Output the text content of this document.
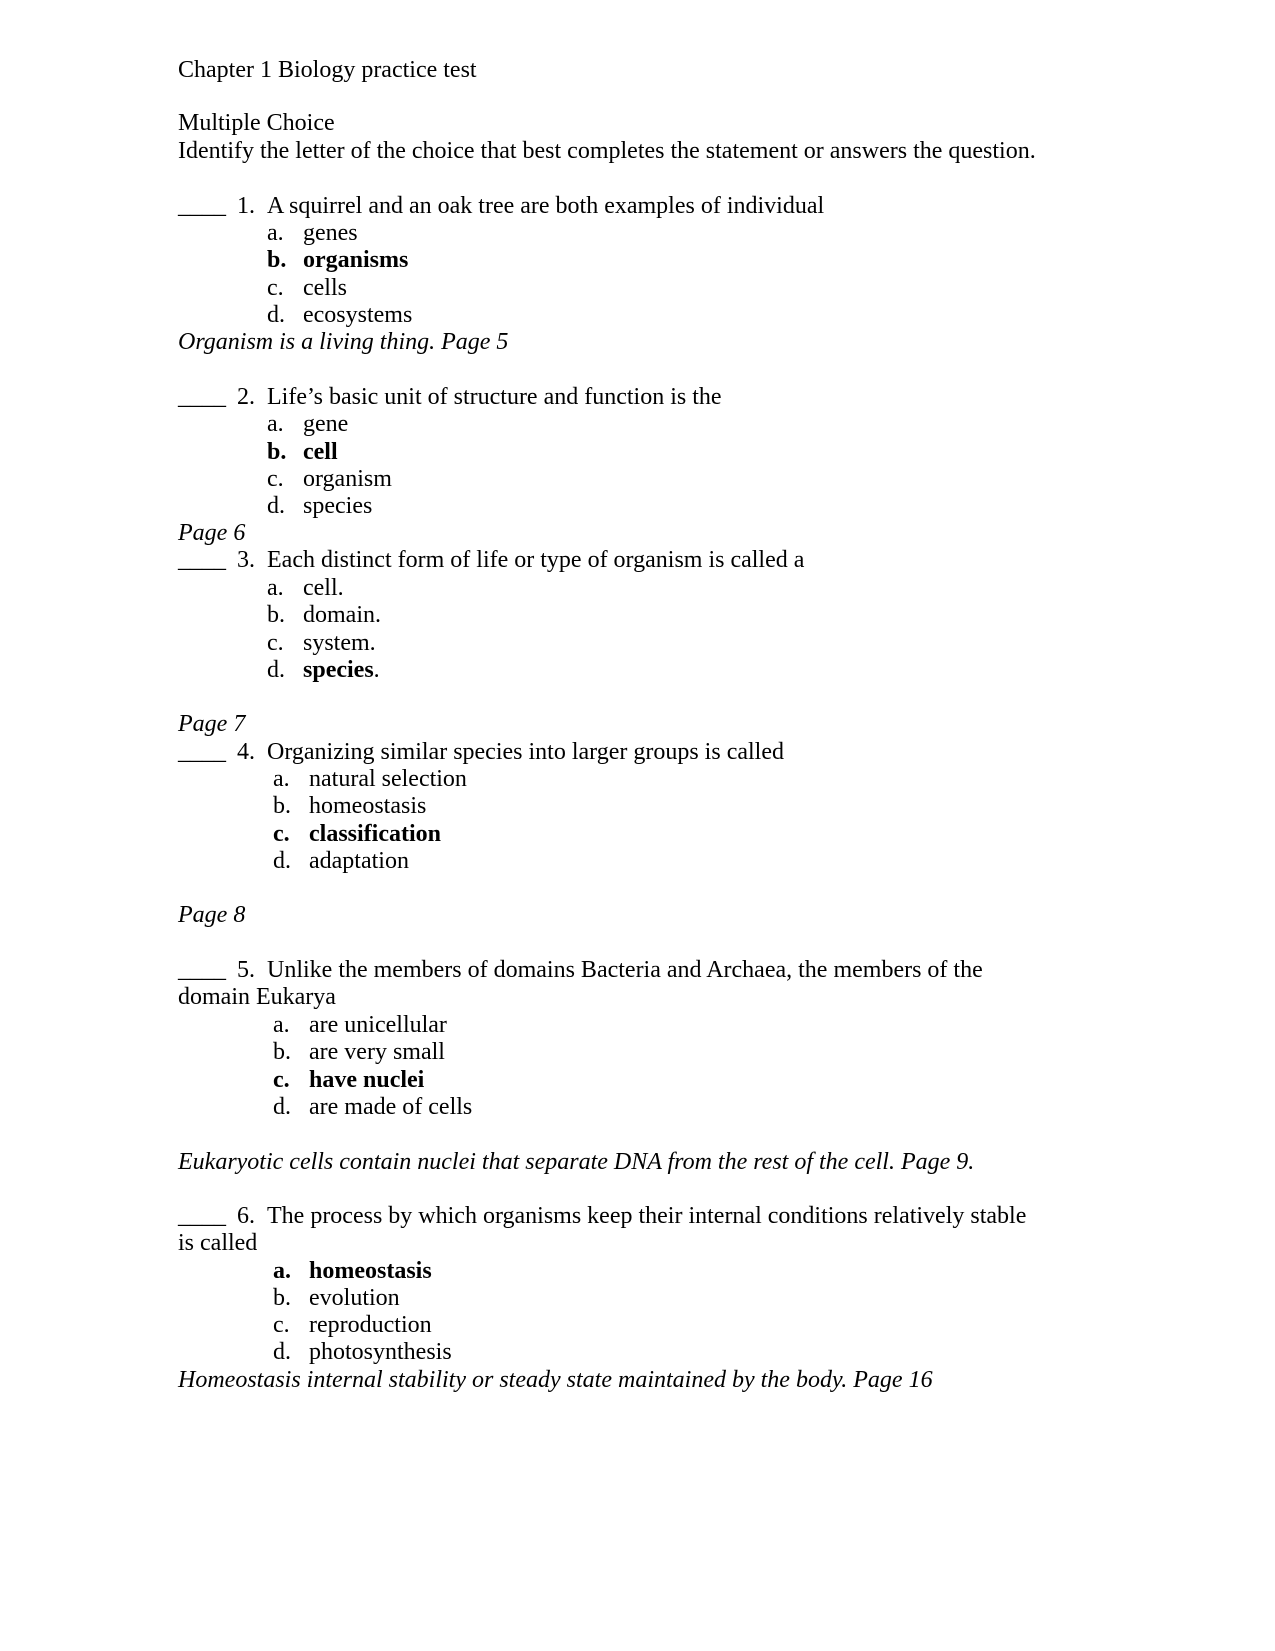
Chapter 1 Biology practice test
Multiple Choice
Identify the letter of the choice that best completes the statement or answers the question.
____ 1. A squirrel and an oak tree are both examples of individual
a. genes
b. organisms
c. cells
d. ecosystems
Organism is a living thing. Page 5
____ 2. Life’s basic unit of structure and function is the
a. gene
b. cell
c. organism
d. species
Page 6
____ 3. Each distinct form of life or type of organism is called a
a. cell.
b. domain.
c. system.
d. species.
Page 7
____ 4. Organizing similar species into larger groups is called
a. natural selection
b. homeostasis
c. classification
d. adaptation
Page 8
____ 5. Unlike the members of domains Bacteria and Archaea, the members of the
domain Eukarya
a. are unicellular
b. are very small
c. have nuclei
d. are made of cells
Eukaryotic cells contain nuclei that separate DNA from the rest of the cell. Page 9.
____ 6. The process by which organisms keep their internal conditions relatively stable
is called
a. homeostasis
b. evolution
c. reproduction
d. photosynthesis
Homeostasis internal stability or steady state maintained by the body. Page 16
